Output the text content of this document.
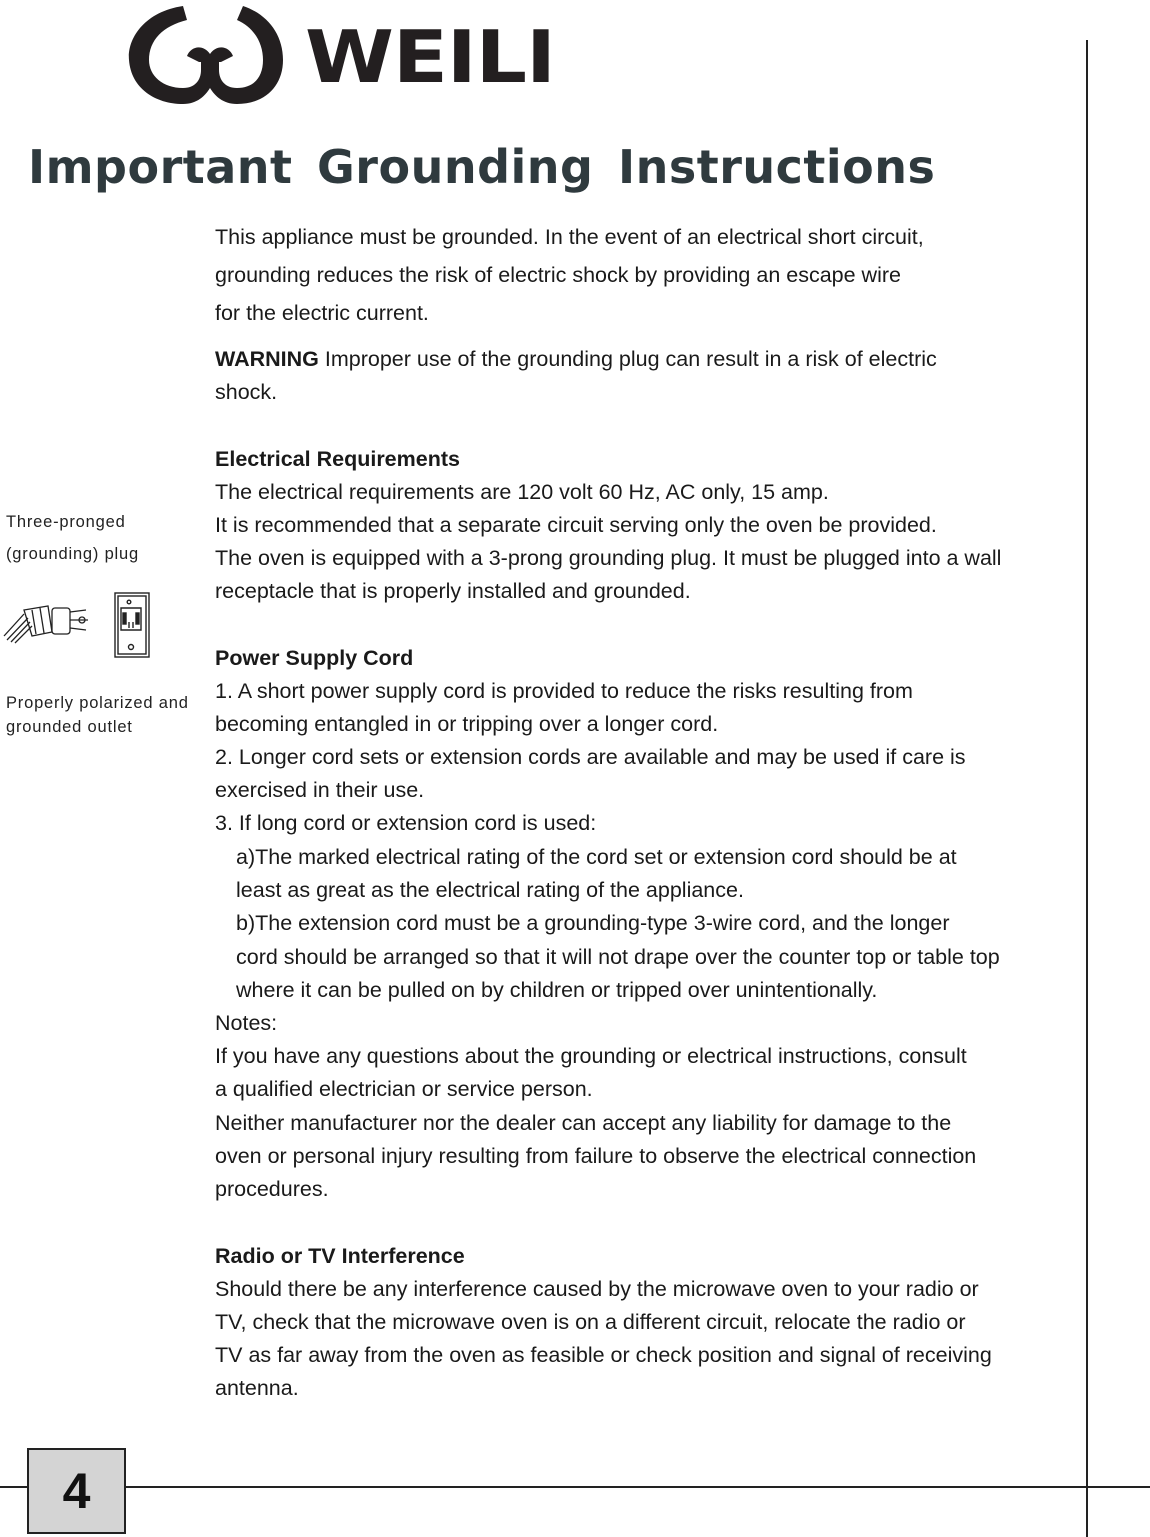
WEILI
Important Grounding Instructions
This appliance must be grounded. In the event of an electrical short circuit,
grounding reduces the risk of electric shock by providing an escape wire
for the electric current.
WARNING Improper use of the grounding plug can result in a risk of electric
shock.
Electrical Requirements
The electrical requirements are 120 volt 60 Hz, AC only, 15 amp.
It is recommended that a separate circuit serving only the oven be provided.
The oven is equipped with a 3-prong grounding plug. It must be plugged into a wall
receptacle that is properly installed and grounded.
Power Supply Cord
1. A short power supply cord is provided to reduce the risks resulting from
becoming entangled in or tripping over a longer cord.
2. Longer cord sets or extension cords are available and may be used if care is
exercised in their use.
3. If long cord or extension cord is used:
a)The marked electrical rating of the cord set or extension cord should be at
least as great as the electrical rating of the appliance.
b)The extension cord must be a grounding-type 3-wire cord, and the longer
cord should be arranged so that it will not drape over the counter top or table top
where it can be pulled on by children or tripped over unintentionally.
Notes:
If you have any questions about the grounding or electrical instructions, consult
a qualified electrician or service person.
Neither manufacturer nor the dealer can accept any liability for damage to the
oven or personal injury resulting from failure to observe the electrical connection
procedures.
Radio or TV Interference
Should there be any interference caused by the microwave oven to your radio or
TV, check that the microwave oven is on a different circuit, relocate the radio or
TV as far away from the oven as feasible or check position and signal of receiving
antenna.
Three-pronged
(grounding) plug
Properly polarized and
grounded outlet
4
